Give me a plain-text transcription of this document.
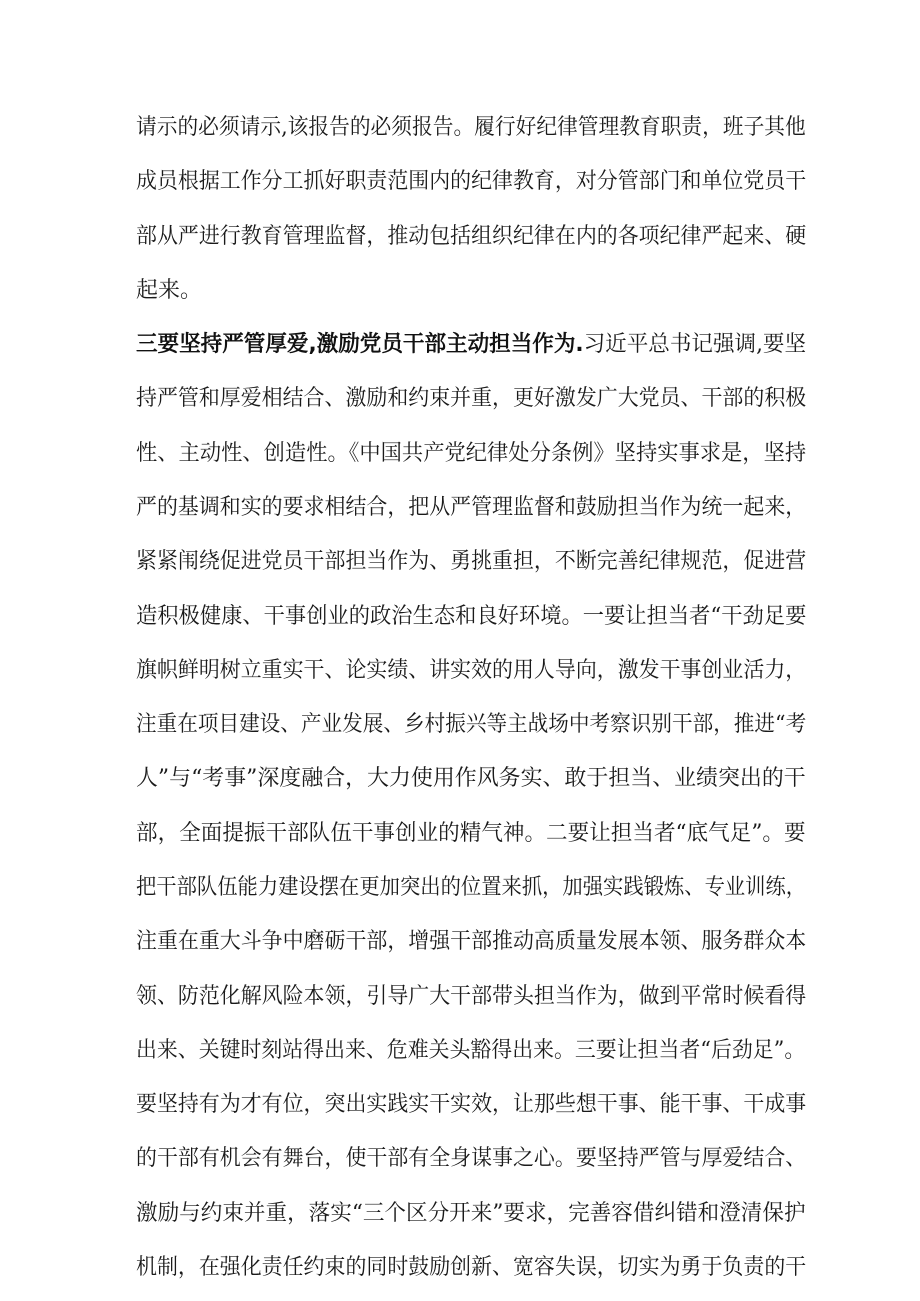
请示的必须请示,该报告的必须报告。履行好纪律管理教育职责，班子其他

成员根据工作分工抓好职责范围内的纪律教育，对分管部门和单位党员干

部从严进行教育管理监督，推动包括组织纪律在内的各项纪律严起来、硬

起来。

三要坚持严管厚爱,激励党员干部主动担当作为.习近平总书记强调,要坚

持严管和厚爱相结合、激励和约束并重，更好激发广大党员、干部的积极

性、主动性、创造性。《中国共产党纪律处分条例》坚持实事求是，坚持

严的基调和实的要求相结合，把从严管理监督和鼓励担当作为统一起来，

紧紧闱绕促进党员干部担当作为、勇挑重担，不断完善纪律规范，促进营

造积极健康、干事创业的政治生态和良好环境。一要让担当者“干劲足要

旗帜鲜明树立重实干、论实绩、讲实效的用人导向，激发干事创业活力，

注重在项目建设、产业发展、乡村振兴等主战场中考察识别干部，推进“考

人”与“考事”深度融合，大力使用作风务实、敢于担当、业绩突出的干

部，全面提振干部队伍干事创业的精气神。二要让担当者“底气足”。要

把干部队伍能力建设摆在更加突出的位置来抓，加强实践锻炼、专业训练，

注重在重大斗争中磨砺干部，增强干部推动高质量发展本领、服务群众本

领、防范化解风险本领，引导广大干部带头担当作为，做到平常时候看得

出来、关键时刻站得出来、危难关头豁得出来。三要让担当者“后劲足”。

要坚持有为才有位，突出实践实干实效，让那些想干事、能干事、干成事

的干部有机会有舞台，使干部有全身谋事之心。要坚持严管与厚爱结合、

激励与约束并重，落实“三个区分开来”要求，完善容借纠错和澄清保护

机制，在强化责任约束的同时鼓励创新、宽容失误，切实为勇于负责的干
